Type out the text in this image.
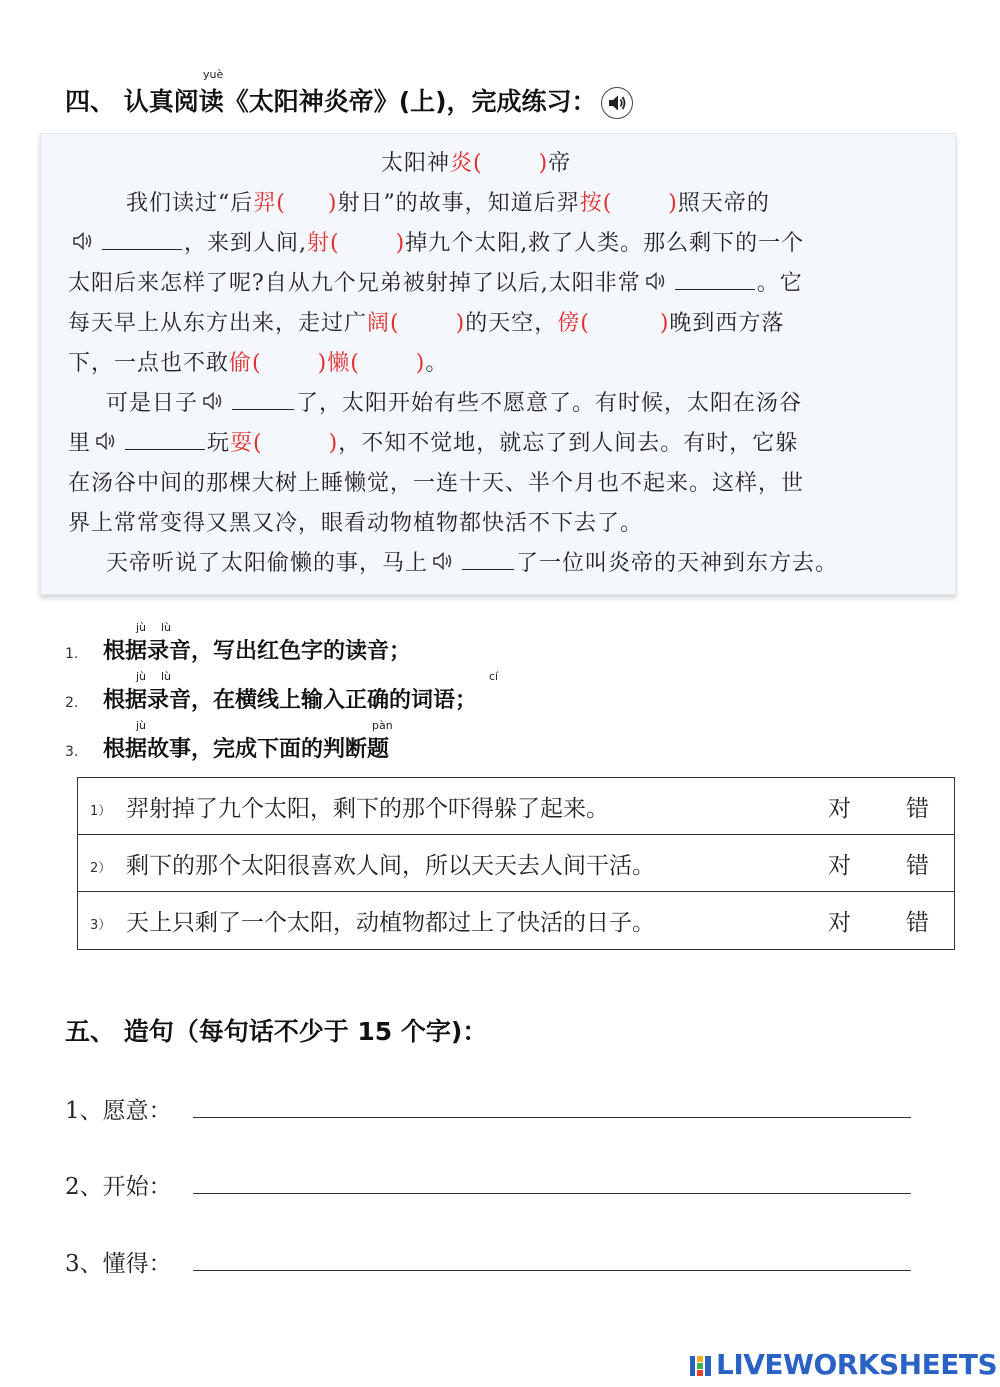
yuè
四、 认真阅读《太阳神炎帝》(上)，完成练习：
太阳神炎(	)帝
我们读过“后羿( )射日”的故事，知道后羿按(	)照天帝的
，来到人间,射(	)掉九个太阳,救了人类。那么剩下的一个
太阳后来怎样了呢?自从九个兄弟被射掉了以后,太阳非常	。它
每天早上从东方出来，走过广阔(	)的天空，傍(	)晚到西方落
下，一点也不敢偷(	)懒(	)。
可是日子	了，太阳开始有些不愿意了。有时候，太阳在汤谷
里	玩耍(	)，不知不觉地，就忘了到人间去。有时，它躲
在汤谷中间的那棵大树上睡懒觉，一连十天、半个月也不起来。这样，世
界上常常变得又黑又冷，眼看动物植物都快活不下去了。
天帝听说了太阳偷懒的事，马上	了一位叫炎帝的天神到东方去。
jù lù
1. 根据录音，写出红色字的读音；
jù lù	cí
2. 根据录音，在横线上输入正确的词语；
jù	pàn
3. 根据故事，完成下面的判断题
1） 羿射掉了九个太阳，剩下的那个吓得躲了起来。	对 错
2） 剩下的那个太阳很喜欢人间，所以天天去人间干活。	对 错
3） 天上只剩了一个太阳，动植物都过上了快活的日子。	对 错
五、 造句（每句话不少于 15 个字)：
1、愿意：
2、开始：
3、懂得：
LIVEWORKSHEETS
